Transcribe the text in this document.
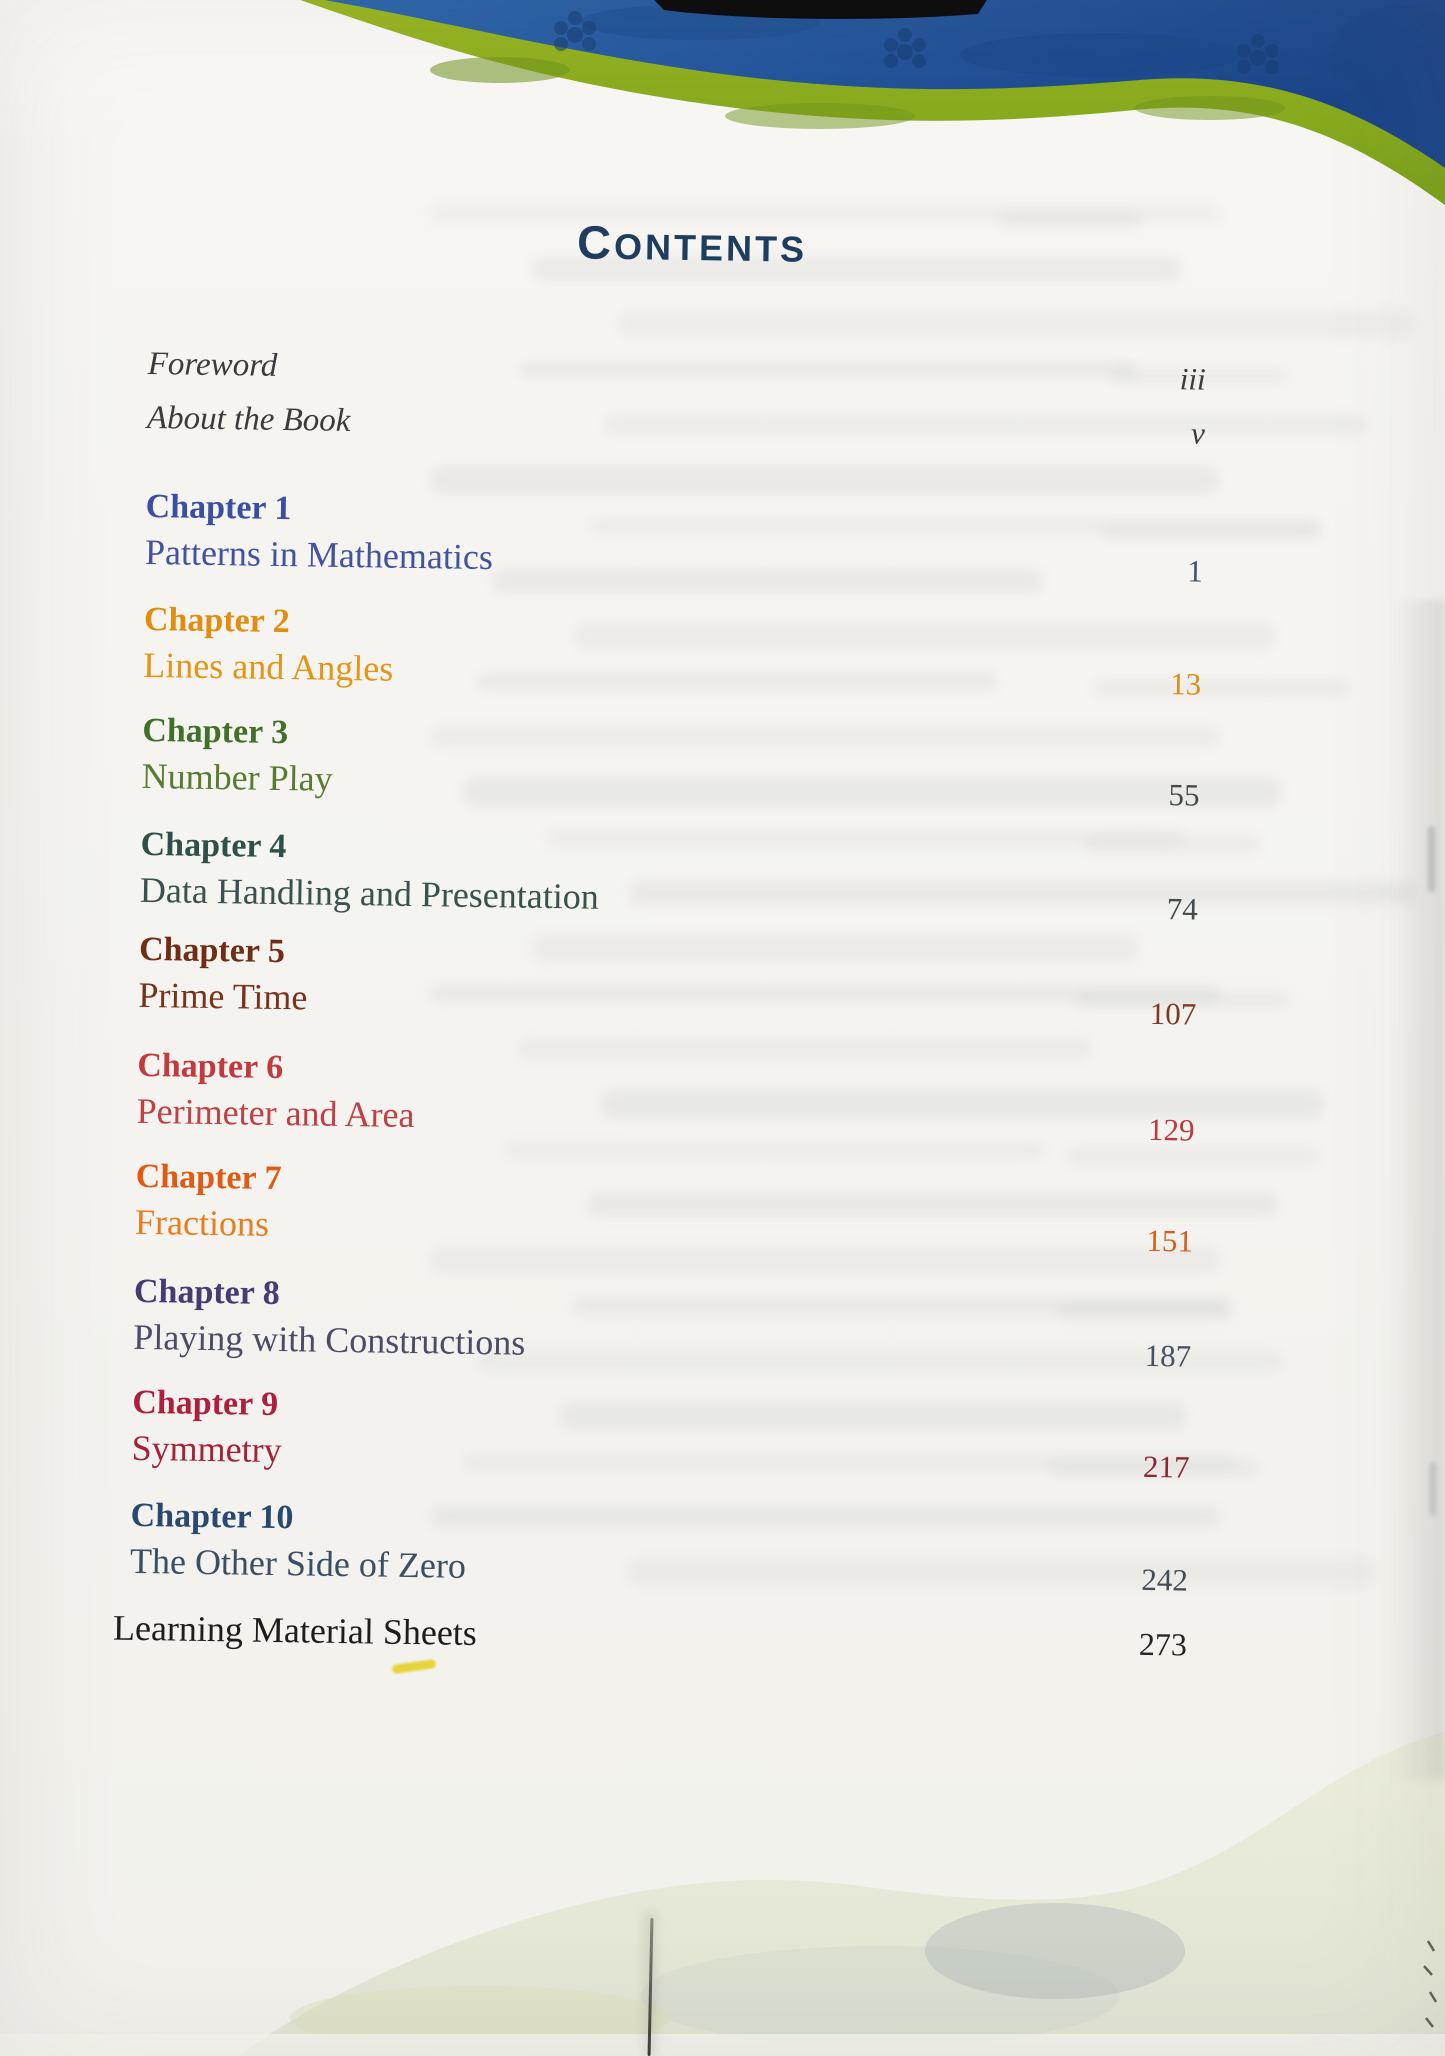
CONTENTS
Foreword	iii
About the Book	v
Chapter 1
Patterns in Mathematics	1
Chapter 2
Lines and Angles	13
Chapter 3
Number Play	55
Chapter 4
Data Handling and Presentation	74
Chapter 5
Prime Time	107
Chapter 6
Perimeter and Area	129
Chapter 7
Fractions	151
Chapter 8
Playing with Constructions	187
Chapter 9
Symmetry	217
Chapter 10
The Other Side of Zero	242
Learning Material Sheets	273
